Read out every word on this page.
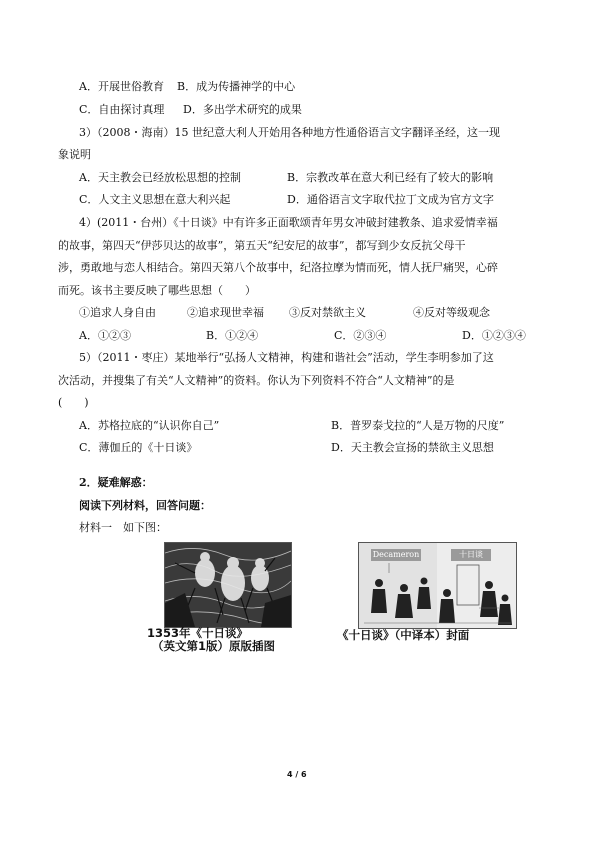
A．开展世俗教育 B．成为传播神学的中心
C．自由探讨真理 D．多出学术研究的成果
3）（2008・海南）15 世纪意大利人开始用各种地方性通俗语言文字翻译圣经，这一现
象说明
A．天主教会已经放松思想的控制	B．宗教改革在意大利已经有了较大的影响
C．人文主义思想在意大利兴起	D．通俗语言文字取代拉丁文成为官方文字
4）(2011・台州）《十日谈》中有许多正面歌颂青年男女冲破封建教条、追求爱情幸福
的故事，第四天“伊莎贝达的故事”，第五天“纪安尼的故事”，都写到少女反抗父母干
涉，勇敢地与恋人相结合。第四天第八个故事中，纪洛拉摩为情而死，情人抚尸痛哭，心碎
而死。该书主要反映了哪些思想（　　）
①追求人身自由	②追求现世幸福 ③反对禁欲主义	④反对等级观念
A．①②③	B．①②④	C．②③④	D．①②③④
5）（2011・枣庄）某地举行“弘扬人文精神，构建和谐社会”活动，学生李明参加了这
次活动，并搜集了有关“人文精神”的资料。你认为下列资料不符合“人文精神”的是
(　　)
A．苏格拉底的“认识你自己”	B．普罗泰戈拉的“人是万物的尺度”
C．薄伽丘的《十日谈》	D．天主教会宣扬的禁欲主义思想
2．疑难解惑：
阅读下列材料，回答问题：
材料一　如下图：
1353年《十日谈》
（英文第1版）原版插图
Decameron	十日谈
《十日谈》（中译本）封面
4 / 6
